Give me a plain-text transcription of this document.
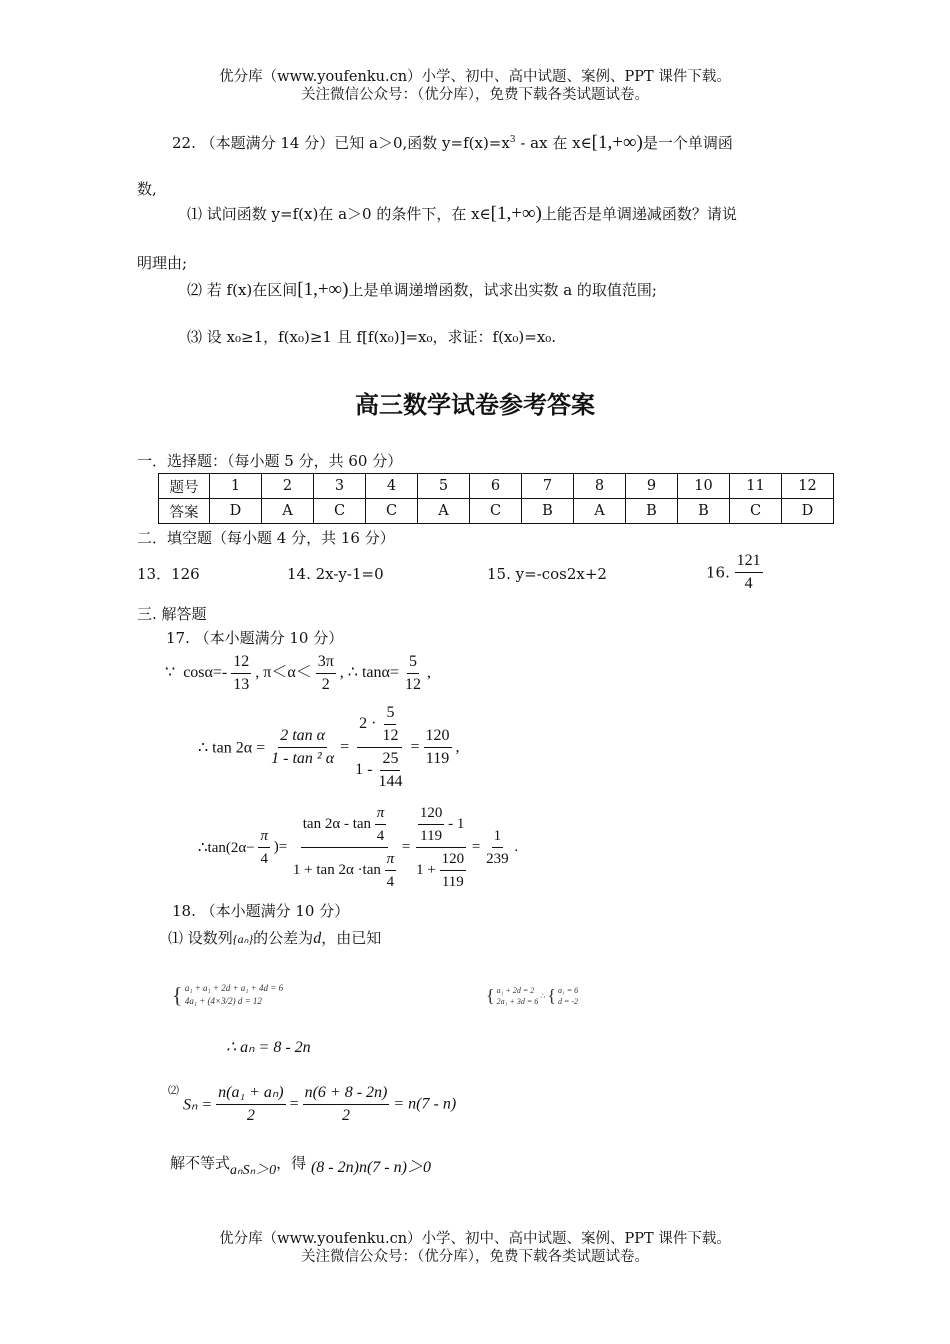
优分库（www.youfenku.cn）小学、初中、高中试题、案例、PPT 课件下载。
关注微信公众号：（优分库），免费下载各类试题试卷。
22. （本题满分 14 分）已知 a＞0,函数 $y=f(x)=x^3$ - ax 在 x∈[1,+∞)是一个单调函
数,
⑴ 试问函数 y=f(x)在 a＞0 的条件下，在 x∈[1,+∞)上能否是单调递减函数？请说
明理由;
⑵ 若 f(x)在区间[1,+∞)上是单调递增函数，试求出实数 a 的取值范围;
⑶ 设 x₀≥1，f(x₀)≥1 且 f[f(x₀)]=x₀，求证：f(x₀)=x₀.
高三数学试卷参考答案
一．选择题：（每小题 5 分，共 60 分）
题号	1	2	3	4	5	6	7	8	9	10	11	12
答案	D	A	C	C	A	C	B	A	B	B	C	D
二．填空题（每小题 4 分，共 16 分）
13．126	14. 2x-y-1=0	15. y=-cos2x+2	16. $\frac{121}{4}$
三. 解答题
17. （本小题满分 10 分）
∵ $\cos\alpha=- \frac{12}{13}$ , $\pi<\alpha< \frac{3\pi}{2}$ , ∴ $\tan\alpha= \frac{5}{12}$ ,
∴ $\tan 2\alpha = \frac{\text{2 tan α}}{\text{1 - tan ² α}} = \frac{2 \cdot \frac{5}{12}}{1 - \frac{25}{144}} = \frac{120}{119}$ ,
∴tan(2α− $\frac{\pi}{4}$ )= $\frac{\tan 2\alpha - \tan \frac{\pi}{4}}{1 + \tan 2\alpha \cdot\tan \frac{\pi}{4}} = \frac{\frac{120}{119} - 1}{1 + \frac{120}{119}} = \frac{1}{239}$ .
18. （本小题满分 10 分）
⑴ 设数列{aₙ}的公差为d，由已知
{ a₁ + a₁ + 2d + a₁ + 4d = 6
4a₁ + (4×3/2) d = 12	{ a₁ + 2d = 2
2a₁ + 3d = 6
∴ { a₁ = 6
d = -2
∴ aₙ = 8 - 2n
⑵ $S_n = \frac{\text{n(a₁ + aₙ)}}{2} = \frac{n(6 + 8 - 2n)}{2} = n(7 - n)$
解不等式aₙSₙ＞0，得 (8 - 2n)n(7 - n)＞0
优分库（www.youfenku.cn）小学、初中、高中试题、案例、PPT 课件下载。
关注微信公众号：（优分库），免费下载各类试题试卷。
